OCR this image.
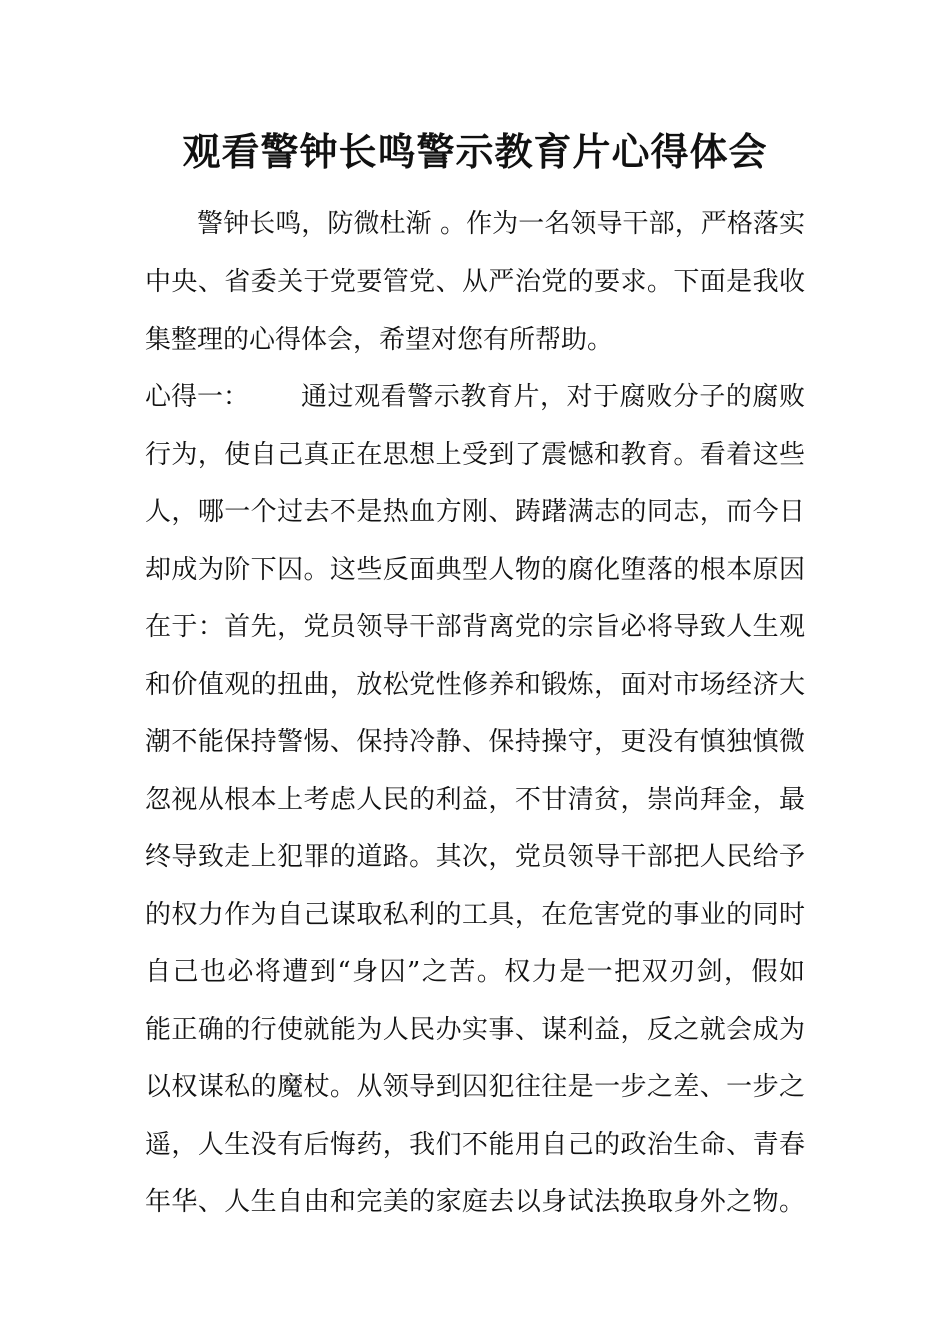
观看警钟长鸣警示教育片心得体会
警钟长鸣，防微杜渐 。作为一名领导干部，严格落实
中央、省委关于党要管党、从严治党的要求。下面是我收
集整理的心得体会，希望对您有所帮助。
心得一： 通过观看警示教育片，对于腐败分子的腐败
行为，使自己真正在思想上受到了震憾和教育。看着这些
人，哪一个过去不是热血方刚、踌躇满志的同志，而今日
却成为阶下囚。这些反面典型人物的腐化堕落的根本原因
在于：首先，党员领导干部背离党的宗旨必将导致人生观
和价值观的扭曲，放松党性修养和锻炼，面对市场经济大
潮不能保持警惕、保持冷静、保持操守，更没有慎独慎微
忽视从根本上考虑人民的利益，不甘清贫，崇尚拜金，最
终导致走上犯罪的道路。其次，党员领导干部把人民给予
的权力作为自己谋取私利的工具，在危害党的事业的同时
自己也必将遭到“身囚”之苦。权力是一把双刃剑，假如
能正确的行使就能为人民办实事、谋利益，反之就会成为
以权谋私的魔杖。从领导到囚犯往往是一步之差、一步之
遥，人生没有后悔药，我们不能用自己的政治生命、青春
年华、人生自由和完美的家庭去以身试法换取身外之物。
